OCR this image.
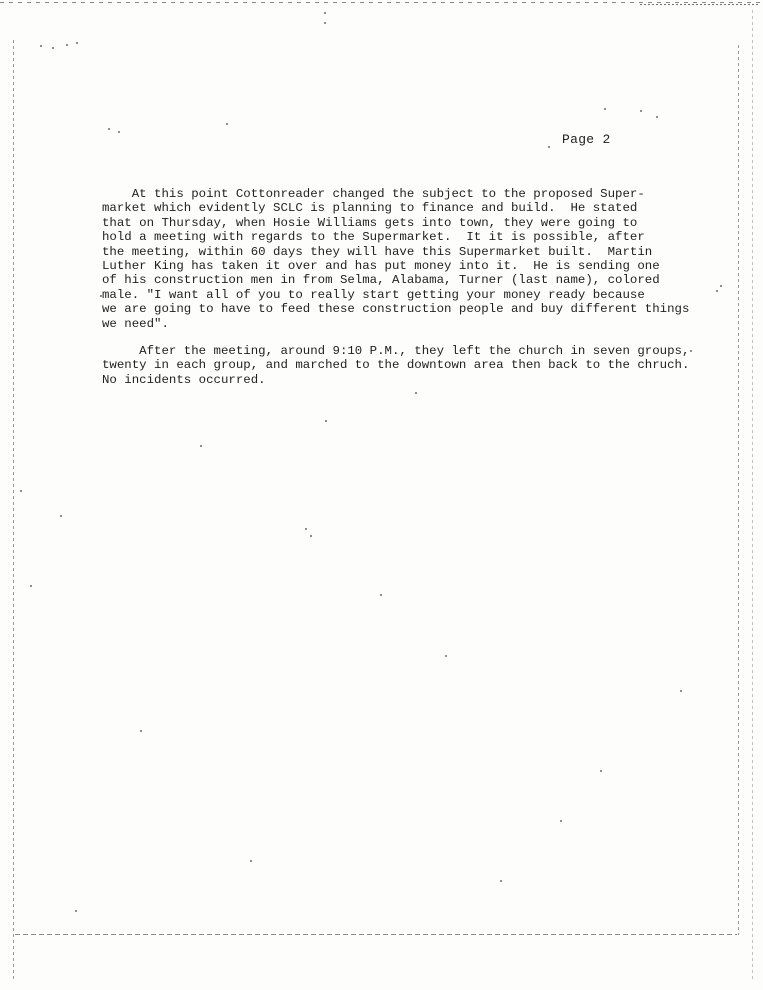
Page 2
At this point Cottonreader changed the subject to the proposed Super-
market which evidently SCLC is planning to finance and build.  He stated
that on Thursday, when Hosie Williams gets into town, they were going to
hold a meeting with regards to the Supermarket.  It it is possible, after
the meeting, within 60 days they will have this Supermarket built.  Martin
Luther King has taken it over and has put money into it.  He is sending one
of his construction men in from Selma, Alabama, Turner (last name), colored
male. "I want all of you to really start getting your money ready because
we are going to have to feed these construction people and buy different things
we need".
After the meeting, around 9:10 P.M., they left the church in seven groups,
twenty in each group, and marched to the downtown area then back to the chruch.
No incidents occurred.
